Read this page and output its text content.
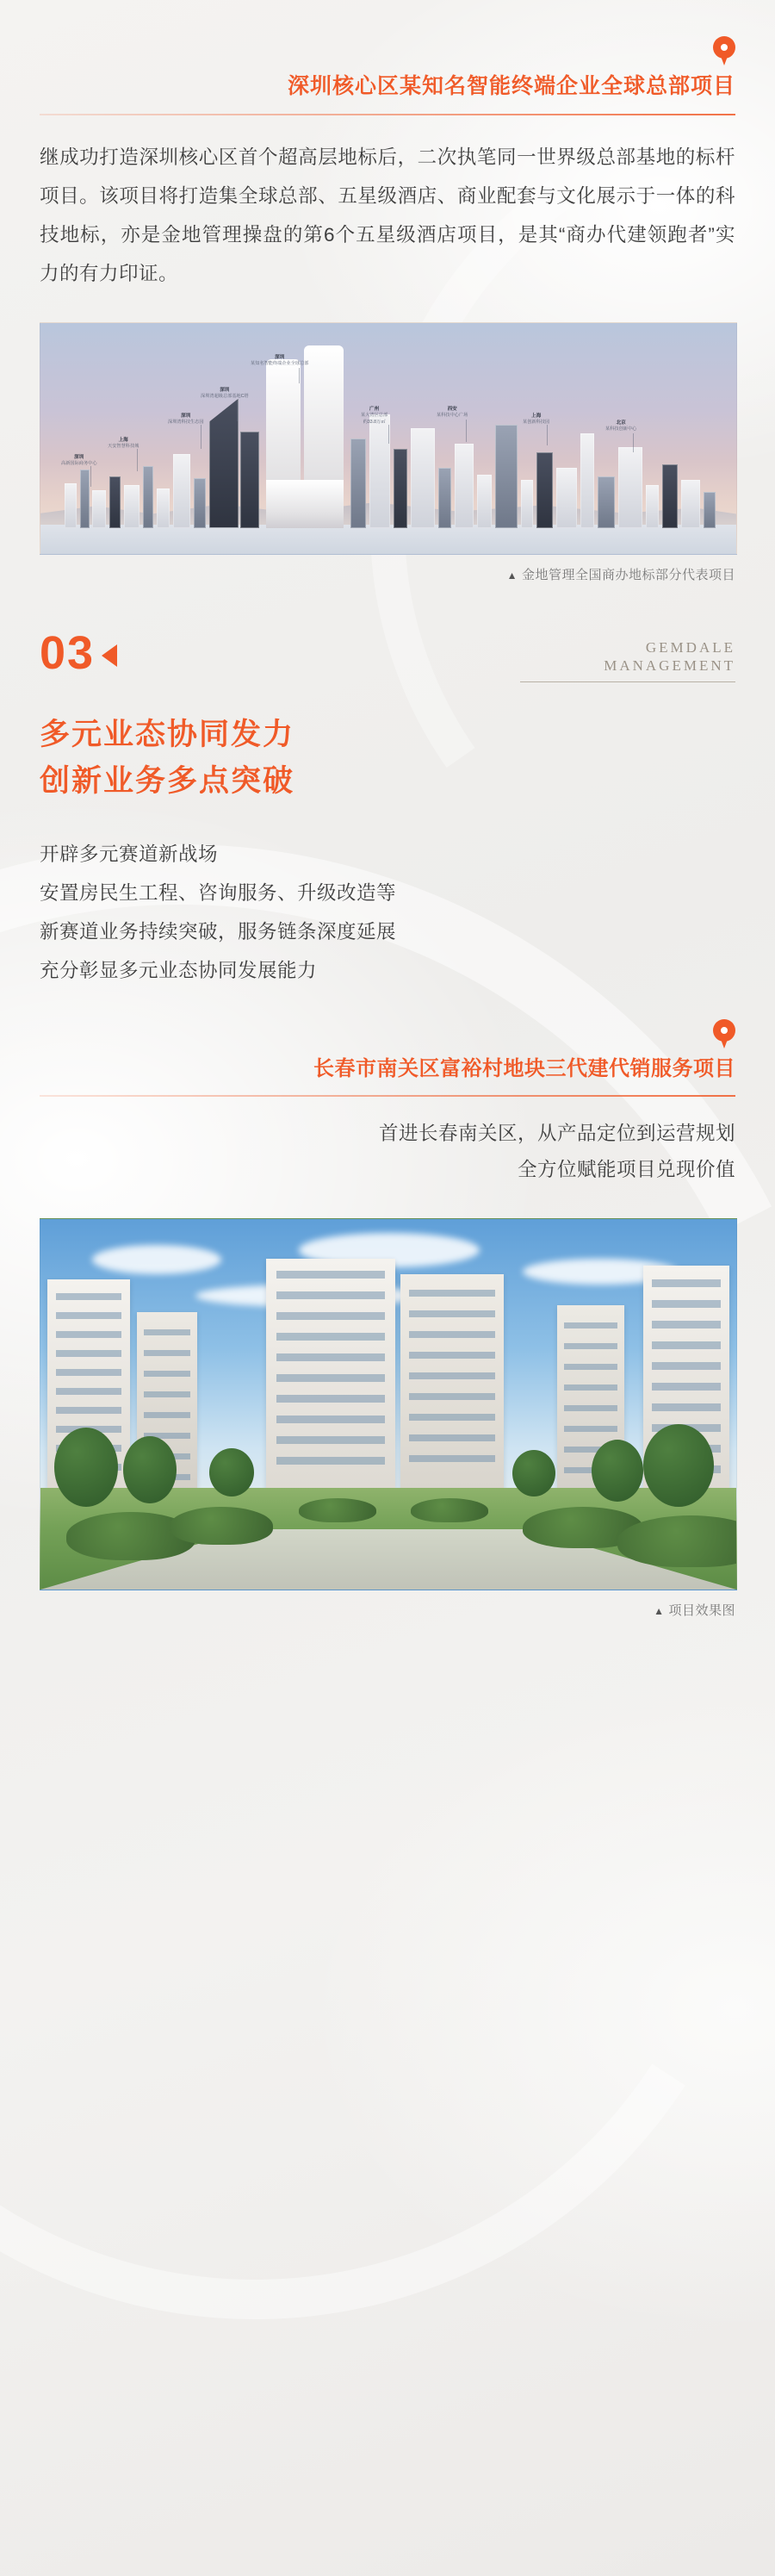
深圳核心区某知名智能终端企业全球总部项目
继成功打造深圳核心区首个超高层地标后，二次执笔同一世界级总部基地的标杆项目。该项目将打造集全球总部、五星级酒店、商业配套与文化展示于一体的科技地标，亦是金地管理操盘的第6个五星级酒店项目，是其“商办代建领跑者”实力的有力印证。
深圳
高新国际商务中心
上海
天安智慧科技城
深圳
深圳湾科技生态园
深圳
深圳湾超级总部基地C塔
深圳
某知名智能终端企业全球总部
广州
某大湾区总部
约33.8万㎡
西安
某科技中心广场	上海
某创新科技园	北京
某科技创新中心
▲ 金地管理全国商办地标部分代表项目
03	GEMDALE
MANAGEMENT
多元业态协同发力
创新业务多点突破
开辟多元赛道新战场
安置房民生工程、咨询服务、升级改造等
新赛道业务持续突破，服务链条深度延展
充分彰显多元业态协同发展能力
长春市南关区富裕村地块三代建代销服务项目
首进长春南关区，从产品定位到运营规划
全方位赋能项目兑现价值
▲ 项目效果图
